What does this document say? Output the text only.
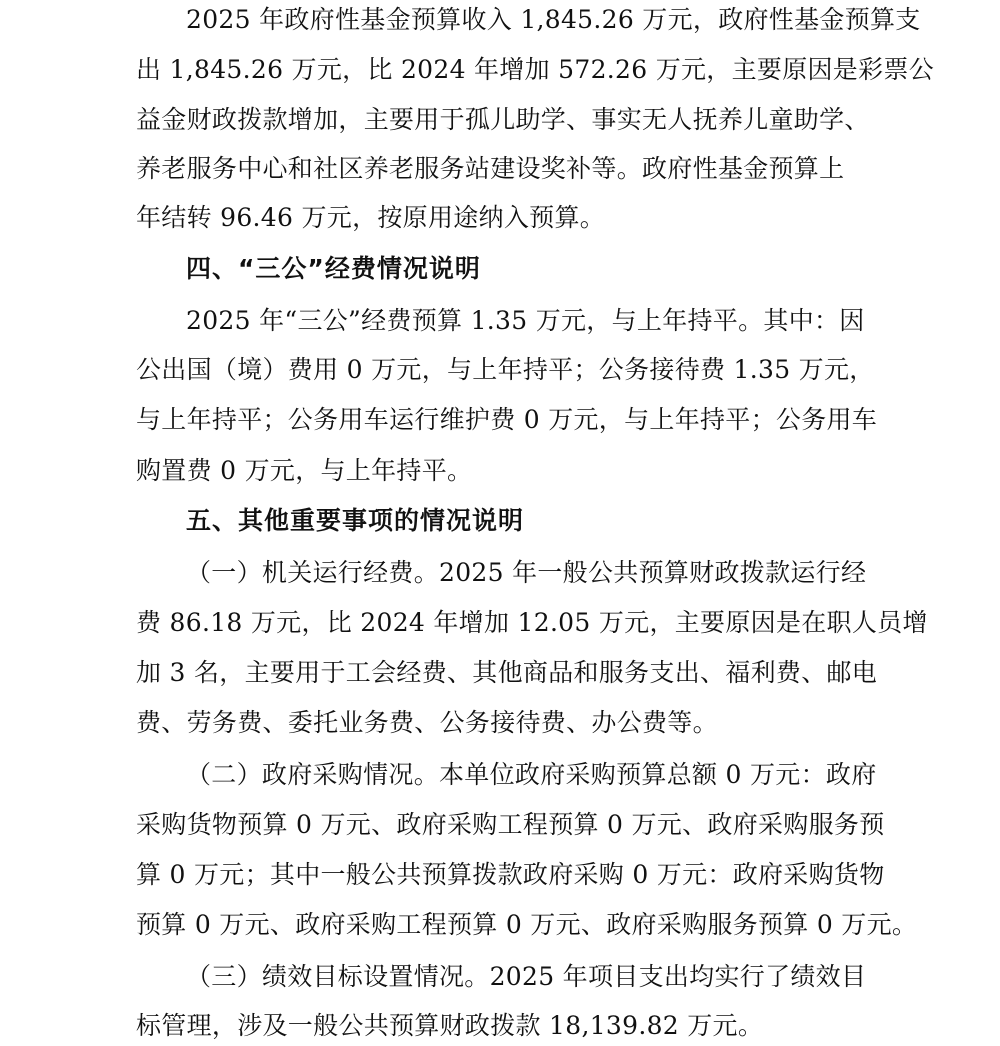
2025 年政府性基金预算收入 1,845.26 万元，政府性基金预算支
出 1,845.26 万元，比 2024 年增加 572.26 万元，主要原因是彩票公
益金财政拨款增加，主要用于孤儿助学、事实无人抚养儿童助学、
养老服务中心和社区养老服务站建设奖补等。政府性基金预算上
年结转 96.46 万元，按原用途纳入预算。
四、“三公”经费情况说明
2025 年“三公”经费预算 1.35 万元，与上年持平。其中：因
公出国（境）费用 0 万元，与上年持平；公务接待费 1.35 万元，
与上年持平；公务用车运行维护费 0 万元，与上年持平；公务用车
购置费 0 万元，与上年持平。
五、其他重要事项的情况说明
（一）机关运行经费。2025 年一般公共预算财政拨款运行经
费 86.18 万元，比 2024 年增加 12.05 万元，主要原因是在职人员增
加 3 名，主要用于工会经费、其他商品和服务支出、福利费、邮电
费、劳务费、委托业务费、公务接待费、办公费等。
（二）政府采购情况。本单位政府采购预算总额 0 万元：政府
采购货物预算 0 万元、政府采购工程预算 0 万元、政府采购服务预
算 0 万元；其中一般公共预算拨款政府采购 0 万元：政府采购货物
预算 0 万元、政府采购工程预算 0 万元、政府采购服务预算 0 万元。
（三）绩效目标设置情况。2025 年项目支出均实行了绩效目
标管理，涉及一般公共预算财政拨款 18,139.82 万元。
